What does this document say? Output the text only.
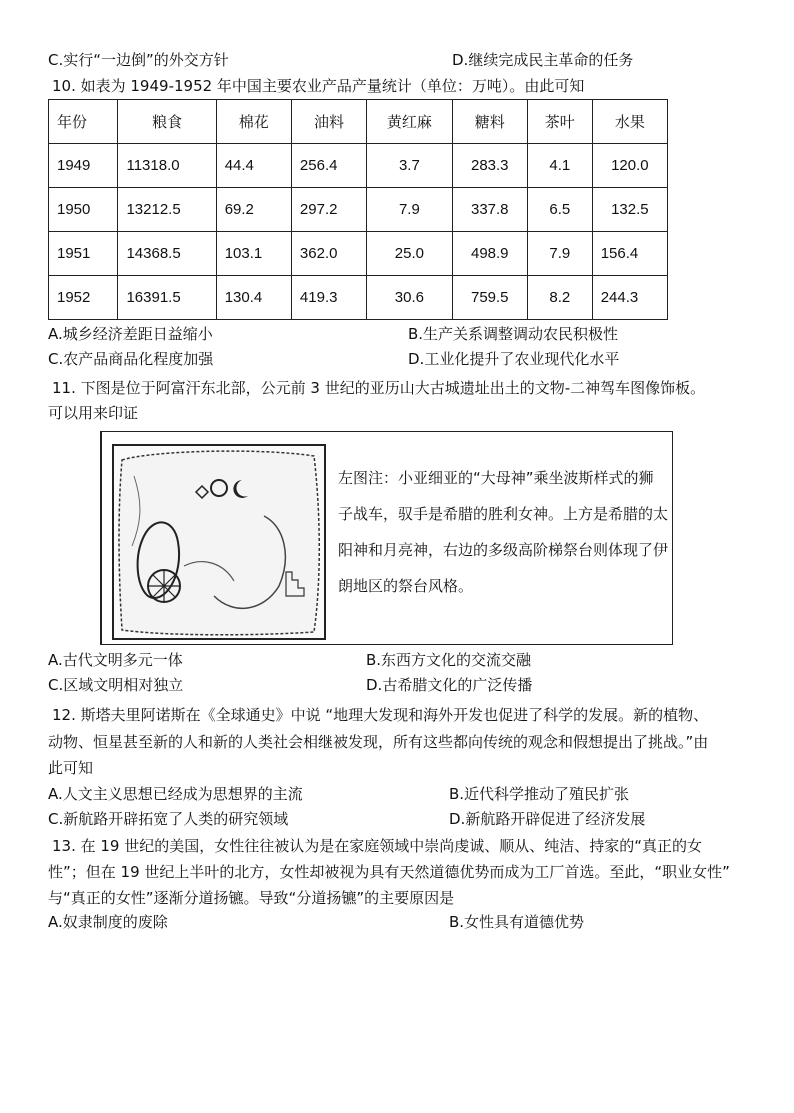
C.实行“一边倒”的外交方针	D.继续完成民主革命的任务
10. 如表为 1949-1952 年中国主要农业产品产量统计（单位：万吨）。由此可知
年份	粮食	棉花	油料	黄红麻	糖料	茶叶	水果
1949	11318.0	44.4	256.4	3.7	283.3	4.1	120.0
1950	13212.5	69.2	297.2	7.9	337.8	6.5	132.5
1951	14368.5	103.1	362.0	25.0	498.9	7.9	156.4
1952	16391.5	130.4	419.3	30.6	759.5	8.2	244.3
A.城乡经济差距日益缩小	B.生产关系调整调动农民积极性
C.农产品商品化程度加强	D.工业化提升了农业现代化水平
11. 下图是位于阿富汗东北部，公元前 3 世纪的亚历山大古城遗址出土的文物-二神驾车图像饰板。
可以用来印证
左图注：小亚细亚的“大母神”乘坐波斯样式的狮子战车，驭手是希腊的胜利女神。上方是希腊的太阳神和月亮神，右边的多级高阶梯祭台则体现了伊朗地区的祭台风格。
A.古代文明多元一体	B.东西方文化的交流交融
C.区域文明相对独立	D.古希腊文化的广泛传播
12. 斯塔夫里阿诺斯在《全球通史》中说 “地理大发现和海外开发也促进了科学的发展。新的植物、
动物、恒星甚至新的人和新的人类社会相继被发现，所有这些都向传统的观念和假想提出了挑战。”由
此可知
A.人文主义思想已经成为思想界的主流	B.近代科学推动了殖民扩张
C.新航路开辟拓宽了人类的研究领域	D.新航路开辟促进了经济发展
13. 在 19 世纪的美国，女性往往被认为是在家庭领域中崇尚虔诚、顺从、纯洁、持家的“真正的女
性”；但在 19 世纪上半叶的北方，女性却被视为具有天然道德优势而成为工厂首选。至此，“职业女性”
与“真正的女性”逐渐分道扬镳。导致“分道扬镳”的主要原因是
A.奴隶制度的废除	B.女性具有道德优势
